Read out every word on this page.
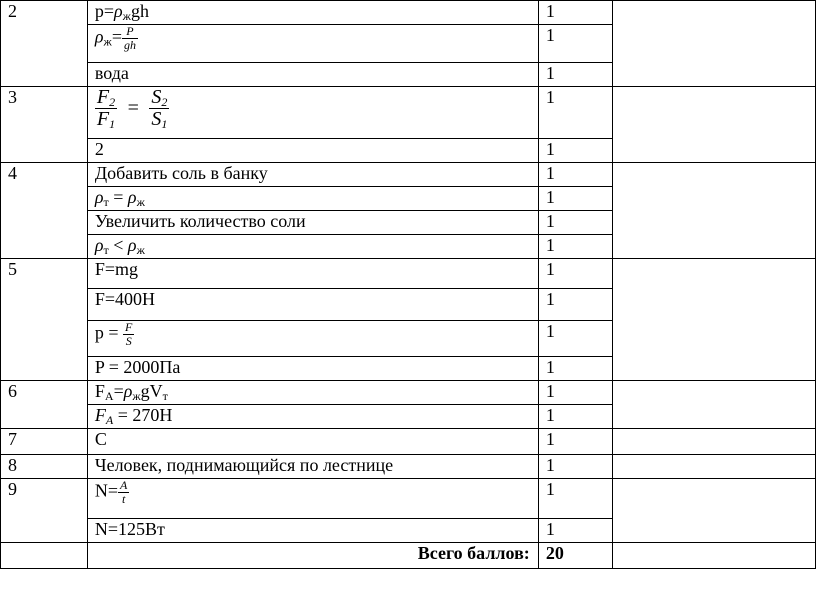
2	$p=\rho_жgh$	1	
	$\rho_ж= \frac{P}{gh}$	1	
	вода	1	
3	$\frac{F_2}{F_1} = \frac{S_2}{S_1}$	1	
	2	1	
4	Добавить соль в банку	1	
	$\rho_т = \rho_ж$	1	
	Увеличить количество соли	1	
	$\rho_т < \rho_ж$	1	
5	F=mg	1	
	F=400H	1	
	$p = \frac{F}{S}$	1	
	P = 2000Па	1	
6	$F_A=\rho_жgV_т$	1	
	$F_A = 270H$	1	
7	C	1	
8	Человек, поднимающийся по лестнице	1	
9	$N= \frac{A}{t}$	1	
	N=125Вт	1	
	Всего баллов:	20	
